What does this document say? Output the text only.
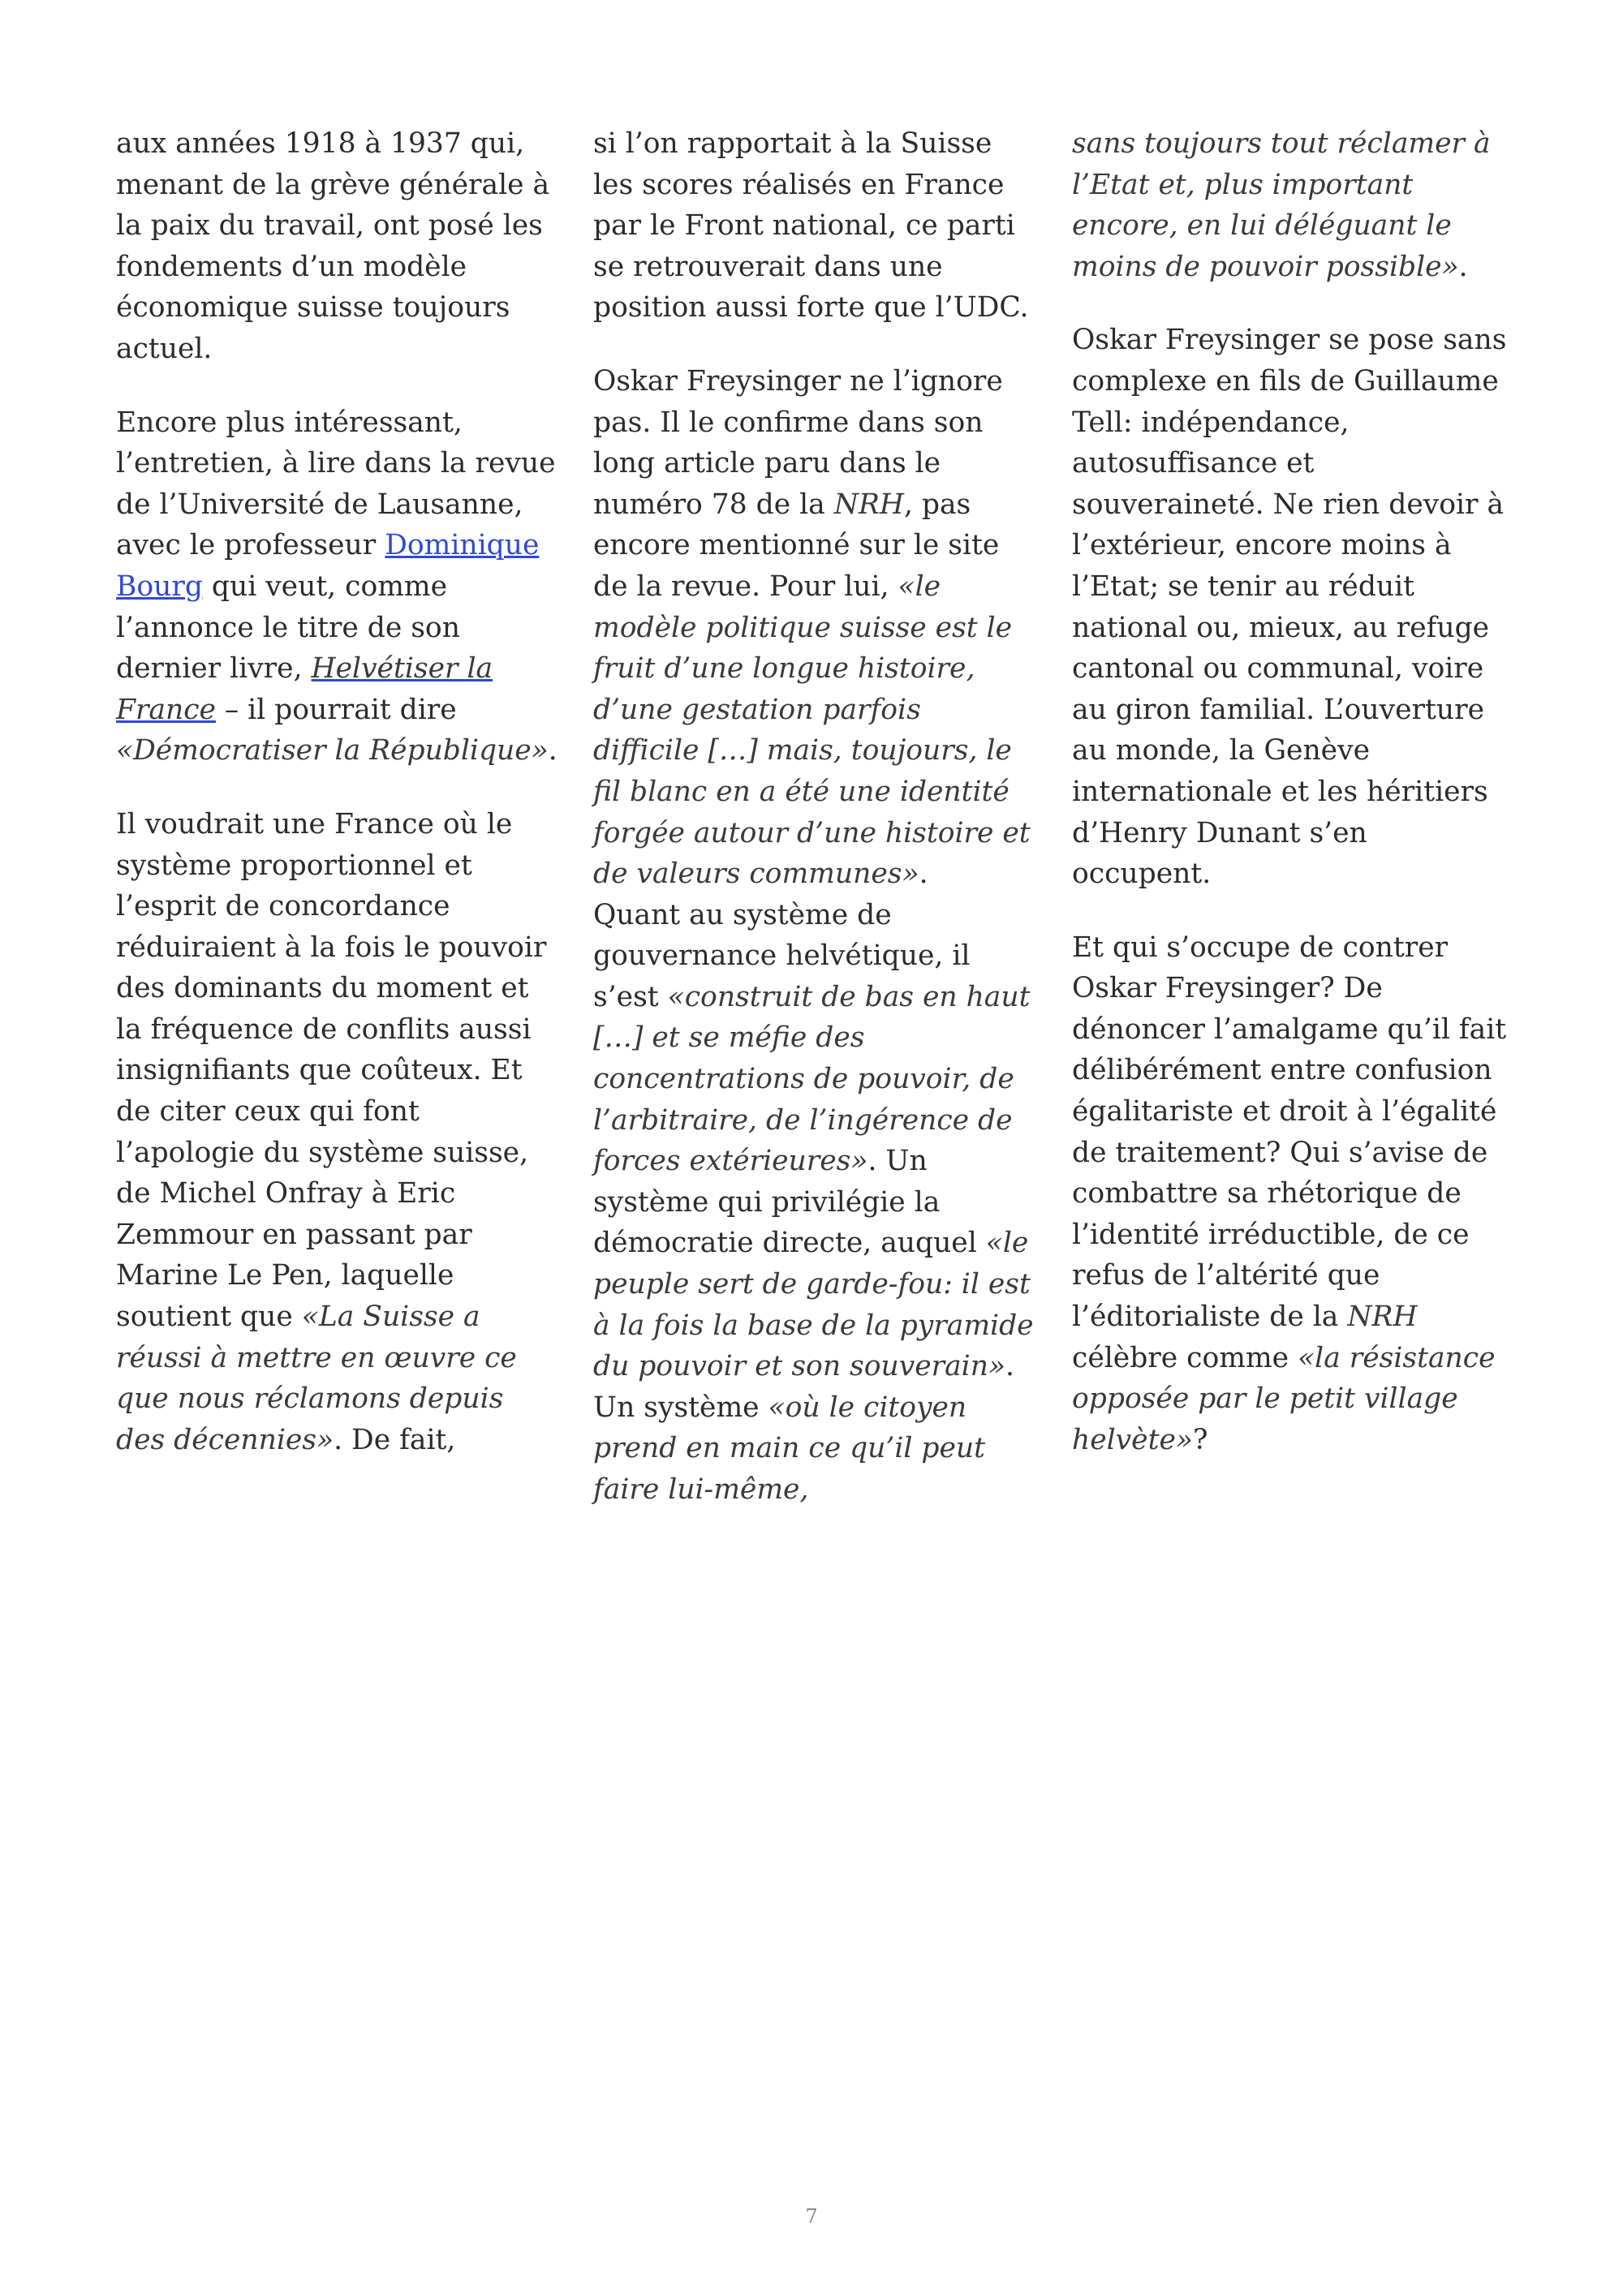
aux années 1918 à 1937 qui, menant de la grève générale à la paix du travail, ont posé les fondements d’un modèle économique suisse toujours actuel.

Encore plus intéressant, l’entretien, à lire dans la revue de l’Université de Lausanne, avec le professeur Dominique Bourg qui veut, comme l’annonce le titre de son dernier livre, Helvétiser la France – il pourrait dire «Démocratiser la République».

Il voudrait une France où le système proportionnel et l’esprit de concordance réduiraient à la fois le pouvoir des dominants du moment et la fréquence de conflits aussi insignifiants que coûteux. Et de citer ceux qui font l’apologie du système suisse, de Michel Onfray à Eric Zemmour en passant par Marine Le Pen, laquelle soutient que «La Suisse a réussi à mettre en œuvre ce que nous réclamons depuis des décennies». De fait,

si l’on rapportait à la Suisse les scores réalisés en France par le Front national, ce parti se retrouverait dans une position aussi forte que l’UDC.

Oskar Freysinger ne l’ignore pas. Il le confirme dans son long article paru dans le numéro 78 de la NRH, pas encore mentionné sur le site de la revue. Pour lui, «le modèle politique suisse est le fruit d’une longue histoire, d’une gestation parfois difficile […] mais, toujours, le fil blanc en a été une identité forgée autour d’une histoire et de valeurs communes».

Quant au système de gouvernance helvétique, il s’est «construit de bas en haut […] et se méfie des concentrations de pouvoir, de l’arbitraire, de l’ingérence de forces extérieures». Un système qui privilégie la démocratie directe, auquel «le peuple sert de garde-fou: il est à la fois la base de la pyramide du pouvoir et son souverain». Un système «où le citoyen prend en main ce qu’il peut faire lui-même,

sans toujours tout réclamer à l’Etat et, plus important encore, en lui déléguant le moins de pouvoir possible».

Oskar Freysinger se pose sans complexe en fils de Guillaume Tell: indépendance, autosuffisance et souveraineté. Ne rien devoir à l’extérieur, encore moins à l’Etat; se tenir au réduit national ou, mieux, au refuge cantonal ou communal, voire au giron familial. L’ouverture au monde, la Genève internationale et les héritiers d’Henry Dunant s’en occupent.

Et qui s’occupe de contrer Oskar Freysinger? De dénoncer l’amalgame qu’il fait délibérément entre confusion égalitariste et droit à l’égalité de traitement? Qui s’avise de combattre sa rhétorique de l’identité irréductible, de ce refus de l’altérité que l’éditorialiste de la NRH célèbre comme «la résistance opposée par le petit village helvète»?

7
